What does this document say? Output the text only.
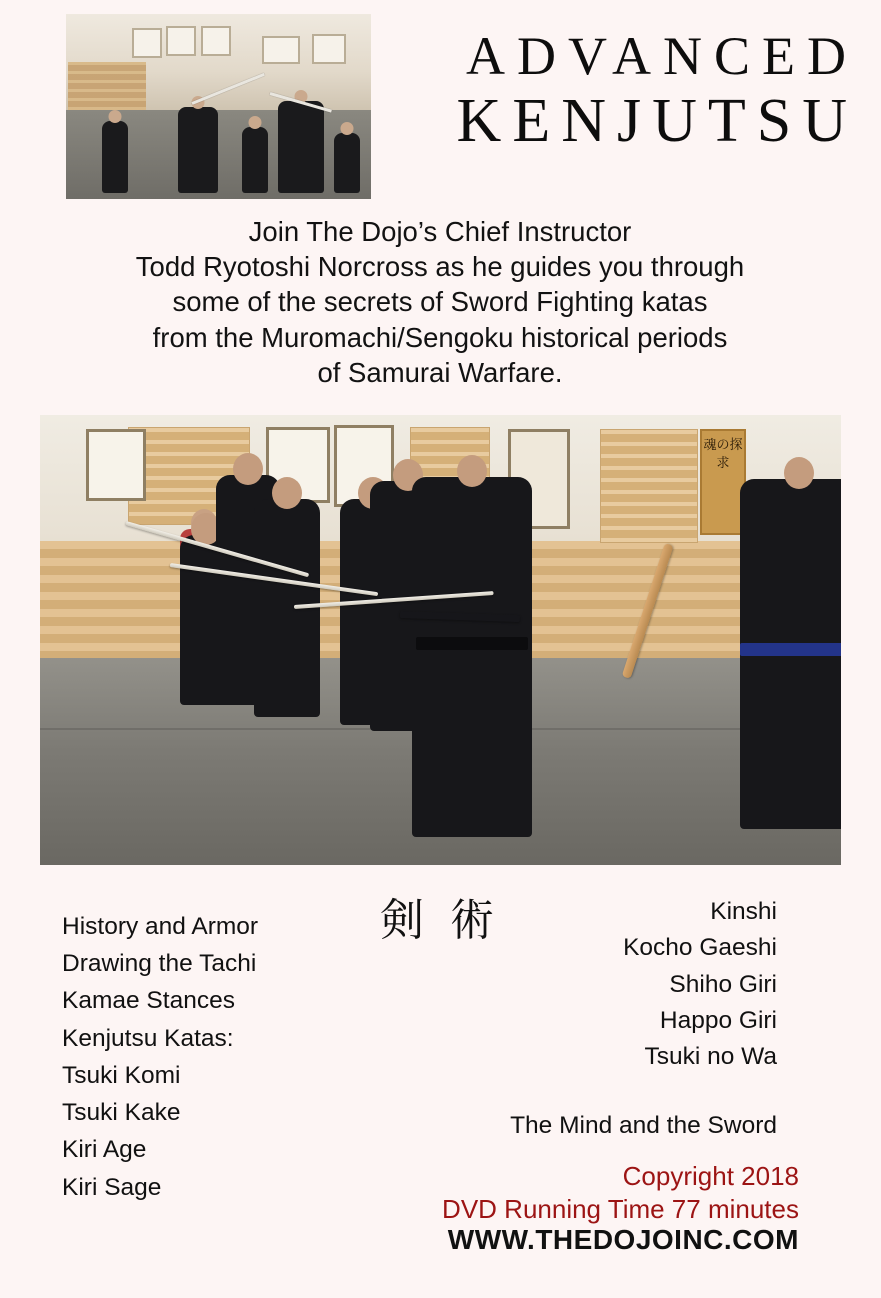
ADVANCED
KENJUTSU
Join The Dojo’s Chief Instructor
Todd Ryotoshi Norcross as he guides you through
some of the secrets of Sword Fighting katas
from the Muromachi/Sengoku historical periods
of Samurai Warfare.
魂の探求
剣 術
History and Armor
Drawing the Tachi
Kamae Stances
Kenjutsu Katas:
Tsuki Komi
Tsuki Kake
Kiri Age
Kiri Sage
Kinshi
Kocho Gaeshi
Shiho Giri
Happo Giri
Tsuki no Wa
The Mind and the Sword
Copyright 2018
DVD Running Time 77 minutes
WWW.THEDOJOINC.COM
